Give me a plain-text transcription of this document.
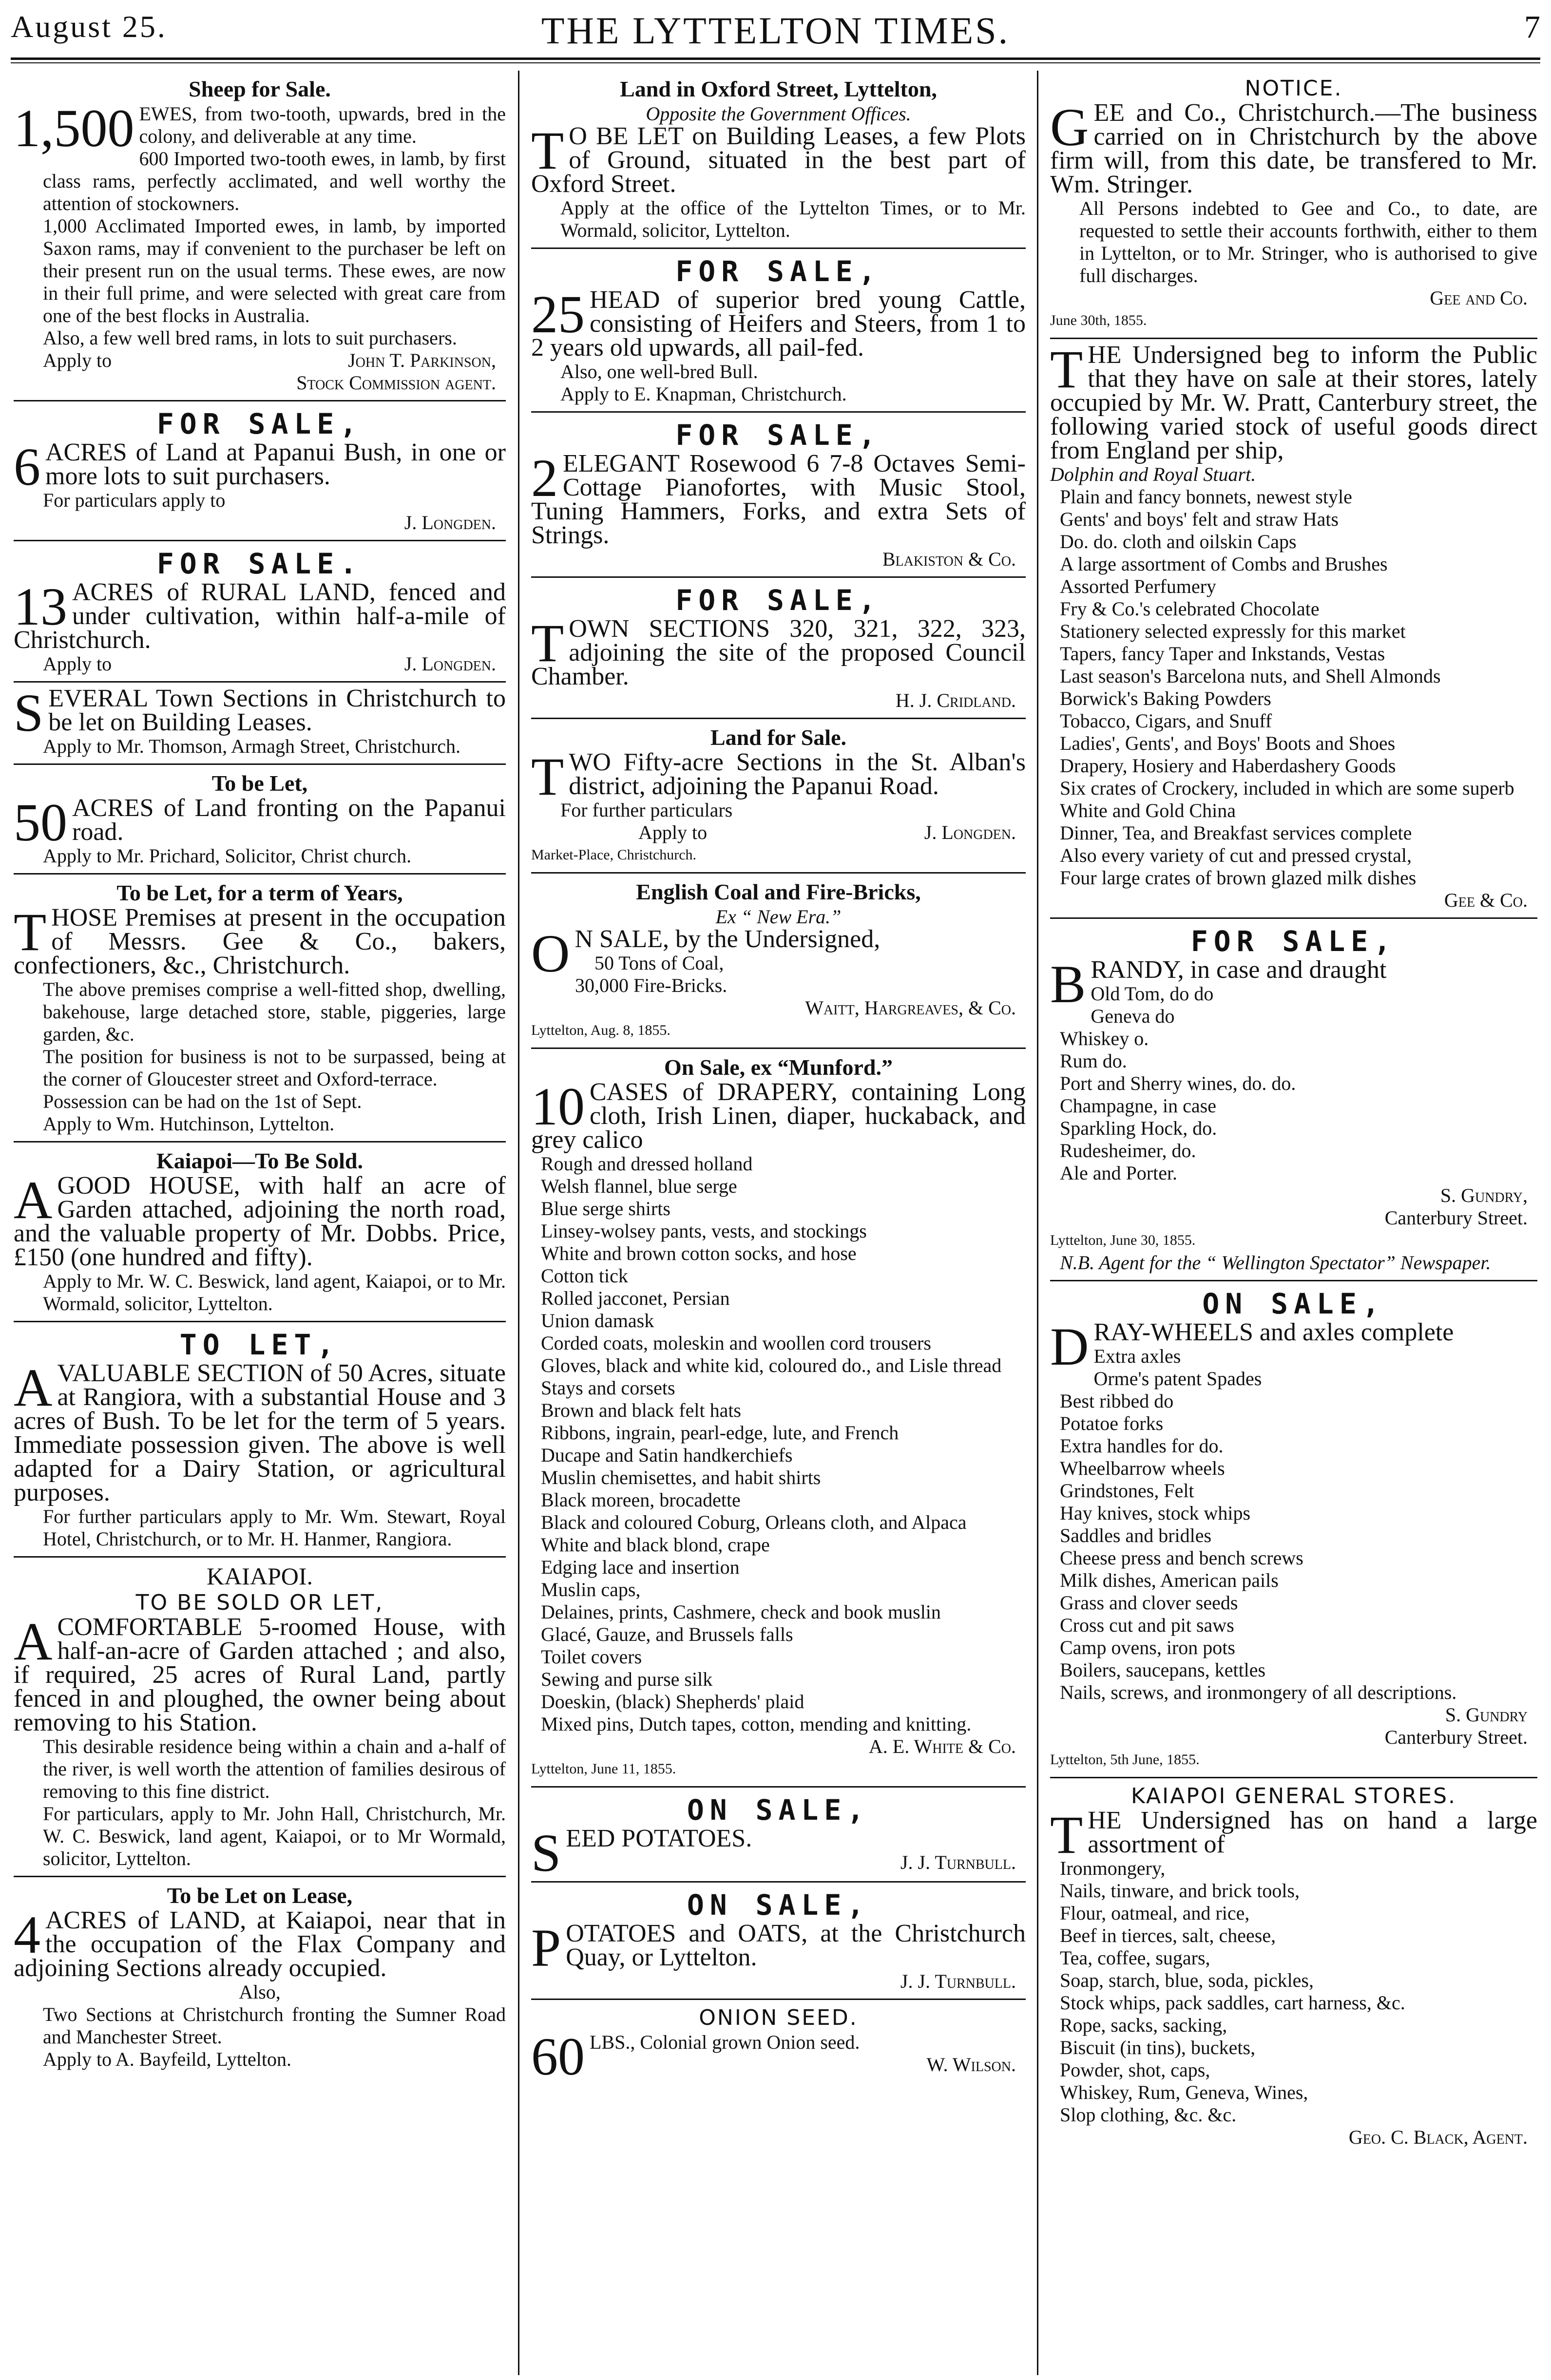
August 25.	THE LYTTELTON TIMES.	7
Sheep for Sale.
1,500 EWES, from two-tooth, upwards, bred in the colony, and deliverable at any time.
600 Imported two-tooth ewes, in lamb, by first class rams, perfectly acclimated, and well worthy the attention of stockowners.
1,000 Acclimated Imported ewes, in lamb, by imported Saxon rams, may if convenient to the purchaser be left on their present run on the usual terms. These ewes, are now in their full prime, and were selected with great care from one of the best flocks in Australia.
Also, a few well bred rams, in lots to suit purchasers.
Apply to	John T. Parkinson,
Stock Commission agent.
FOR SALE,
6 ACRES of Land at Papanui Bush, in one or more lots to suit purchasers.
For particulars apply to
J. Longden.
FOR SALE.
13 ACRES of RURAL LAND, fenced and under cultivation, within half-a-mile of Christchurch.
Apply to	J. Longden.
SEVERAL Town Sections in Christchurch to be let on Building Leases.
Apply to Mr. Thomson, Armagh Street, Christchurch.
To be Let,
50 ACRES of Land fronting on the Papanui road.
Apply to Mr. Prichard, Solicitor, Christ church.
To be Let, for a term of Years,
THOSE Premises at present in the occupation of Messrs. Gee & Co., bakers, confectioners, &c., Christchurch.
The above premises comprise a well-fitted shop, dwelling, bakehouse, large detached store, stable, piggeries, large garden, &c.
The position for business is not to be surpassed, being at the corner of Gloucester street and Oxford-terrace.
Possession can be had on the 1st of Sept.
Apply to Wm. Hutchinson, Lyttelton.
Kaiapoi—To Be Sold.
AGOOD HOUSE, with half an acre of Garden attached, adjoining the north road, and the valuable property of Mr. Dobbs. Price, £150 (one hundred and fifty).
Apply to Mr. W. C. Beswick, land agent, Kaiapoi, or to Mr. Wormald, solicitor, Lyttelton.
TO LET,
AVALUABLE SECTION of 50 Acres, situate at Rangiora, with a substantial House and 3 acres of Bush. To be let for the term of 5 years. Immediate possession given. The above is well adapted for a Dairy Station, or agricultural purposes.
For further particulars apply to Mr. Wm. Stewart, Royal Hotel, Christchurch, or to Mr. H. Hanmer, Rangiora.
KAIAPOI.
TO BE SOLD OR LET,
ACOMFORTABLE 5-roomed House, with half-an-acre of Garden attached ; and also, if required, 25 acres of Rural Land, partly fenced in and ploughed, the owner being about removing to his Station.
This desirable residence being within a chain and a-half of the river, is well worth the attention of families desirous of removing to this fine district.
For particulars, apply to Mr. John Hall, Christchurch, Mr. W. C. Beswick, land agent, Kaiapoi, or to Mr Wormald, solicitor, Lyttelton.
To be Let on Lease,
4 ACRES of LAND, at Kaiapoi, near that in the occupation of the Flax Company and adjoining Sections already occupied.
Also,
Two Sections at Christchurch fronting the Sumner Road and Manchester Street.
Apply to A. Bayfeild, Lyttelton.
Land in Oxford Street, Lyttelton,
Opposite the Government Offices.
T O BE LET on Building Leases, a few Plots of Ground, situated in the best part of Oxford Street.
Apply at the office of the Lyttelton Times, or to Mr. Wormald, solicitor, Lyttelton.
FOR SALE,
25 HEAD of superior bred young Cattle, consisting of Heifers and Steers, from 1 to 2 years old upwards, all pail-fed.
Also, one well-bred Bull.
Apply to E. Knapman, Christchurch.
FOR SALE,
2 ELEGANT Rosewood 6 7-8 Octaves Semi-Cottage Pianofortes, with Music Stool, Tuning Hammers, Forks, and extra Sets of Strings.
Blakiston & Co.
FOR SALE,
TOWN SECTIONS 320, 321, 322, 323, adjoining the site of the proposed Council Chamber.
H. J. Cridland.
Land for Sale.
TWO Fifty-acre Sections in the St. Alban's district, adjoining the Papanui Road.
For further particulars
Apply to	J. Longden.
Market-Place, Christchurch.
English Coal and Fire-Bricks,
Ex “ New Era.”
O N SALE, by the Undersigned,
50 Tons of Coal,
30,000 Fire-Bricks.
Waitt, Hargreaves, & Co.
Lyttelton, Aug. 8, 1855.
On Sale, ex “Munford.”
10 CASES of DRAPERY, containing Long cloth, Irish Linen, diaper, huckaback, and grey calico
Rough and dressed holland
Welsh flannel, blue serge
Blue serge shirts
Linsey-wolsey pants, vests, and stockings
White and brown cotton socks, and hose
Cotton tick
Rolled jacconet, Persian
Union damask
Corded coats, moleskin and woollen cord trousers
Gloves, black and white kid, coloured do., and Lisle thread
Stays and corsets
Brown and black felt hats
Ribbons, ingrain, pearl-edge, lute, and French
Ducape and Satin handkerchiefs
Muslin chemisettes, and habit shirts
Black moreen, brocadette
Black and coloured Coburg, Orleans cloth, and Alpaca
White and black blond, crape
Edging lace and insertion
Muslin caps,
Delaines, prints, Cashmere, check and book muslin
Glacé, Gauze, and Brussels falls
Toilet covers
Sewing and purse silk
Doeskin, (black) Shepherds' plaid
Mixed pins, Dutch tapes, cotton, mending and knitting.
A. E. White & Co.
Lyttelton, June 11, 1855.
ON SALE,
SEED POTATOES.
J. J. Turnbull.
ON SALE,
POTATOES and OATS, at the Christchurch Quay, or Lyttelton.
J. J. Turnbull.
ONION SEED.
60 LBS., Colonial grown Onion seed.
W. Wilson.
NOTICE.
GEE and Co., Christchurch.—The business carried on in Christchurch by the above firm will, from this date, be transfered to Mr. Wm. Stringer.
All Persons indebted to Gee and Co., to date, are requested to settle their accounts forthwith, either to them in Lyttelton, or to Mr. Stringer, who is authorised to give full discharges.
Gee and Co.
June 30th, 1855.
THE Undersigned beg to inform the Public that they have on sale at their stores, lately occupied by Mr. W. Pratt, Canterbury street, the following varied stock of useful goods direct from England per ship,
Dolphin and Royal Stuart.
Plain and fancy bonnets, newest style
Gents' and boys' felt and straw Hats
Do. do. cloth and oilskin Caps
A large assortment of Combs and Brushes
Assorted Perfumery
Fry & Co.'s celebrated Chocolate
Stationery selected expressly for this market
Tapers, fancy Taper and Inkstands, Vestas
Last season's Barcelona nuts, and Shell Almonds
Borwick's Baking Powders
Tobacco, Cigars, and Snuff
Ladies', Gents', and Boys' Boots and Shoes
Drapery, Hosiery and Haberdashery Goods
Six crates of Crockery, included in which are some superb White and Gold China
Dinner, Tea, and Breakfast services complete
Also every variety of cut and pressed crystal,
Four large crates of brown glazed milk dishes
Gee & Co.
FOR SALE,
BRANDY, in case and draught
Old Tom, do do
Geneva do
Whiskey o.
Rum do.
Port and Sherry wines, do. do.
Champagne, in case
Sparkling Hock, do.
Rudesheimer, do.
Ale and Porter.
S. Gundry,
Canterbury Street.
Lyttelton, June 30, 1855.
N.B. Agent for the “ Wellington Spectator” Newspaper.
ON SALE,
DRAY-WHEELS and axles complete
Extra axles
Orme's patent Spades
Best ribbed do
Potatoe forks
Extra handles for do.
Wheelbarrow wheels
Grindstones, Felt
Hay knives, stock whips
Saddles and bridles
Cheese press and bench screws
Milk dishes, American pails
Grass and clover seeds
Cross cut and pit saws
Camp ovens, iron pots
Boilers, saucepans, kettles
Nails, screws, and ironmongery of all descriptions.
S. Gundry
Canterbury Street.
Lyttelton, 5th June, 1855.
KAIAPOI GENERAL STORES.
THE Undersigned has on hand a large assortment of
Ironmongery,
Nails, tinware, and brick tools,
Flour, oatmeal, and rice,
Beef in tierces, salt, cheese,
Tea, coffee, sugars,
Soap, starch, blue, soda, pickles,
Stock whips, pack saddles, cart harness, &c.
Rope, sacks, sacking,
Biscuit (in tins), buckets,
Powder, shot, caps,
Whiskey, Rum, Geneva, Wines,
Slop clothing, &c. &c.
Geo. C. Black, Agent.
